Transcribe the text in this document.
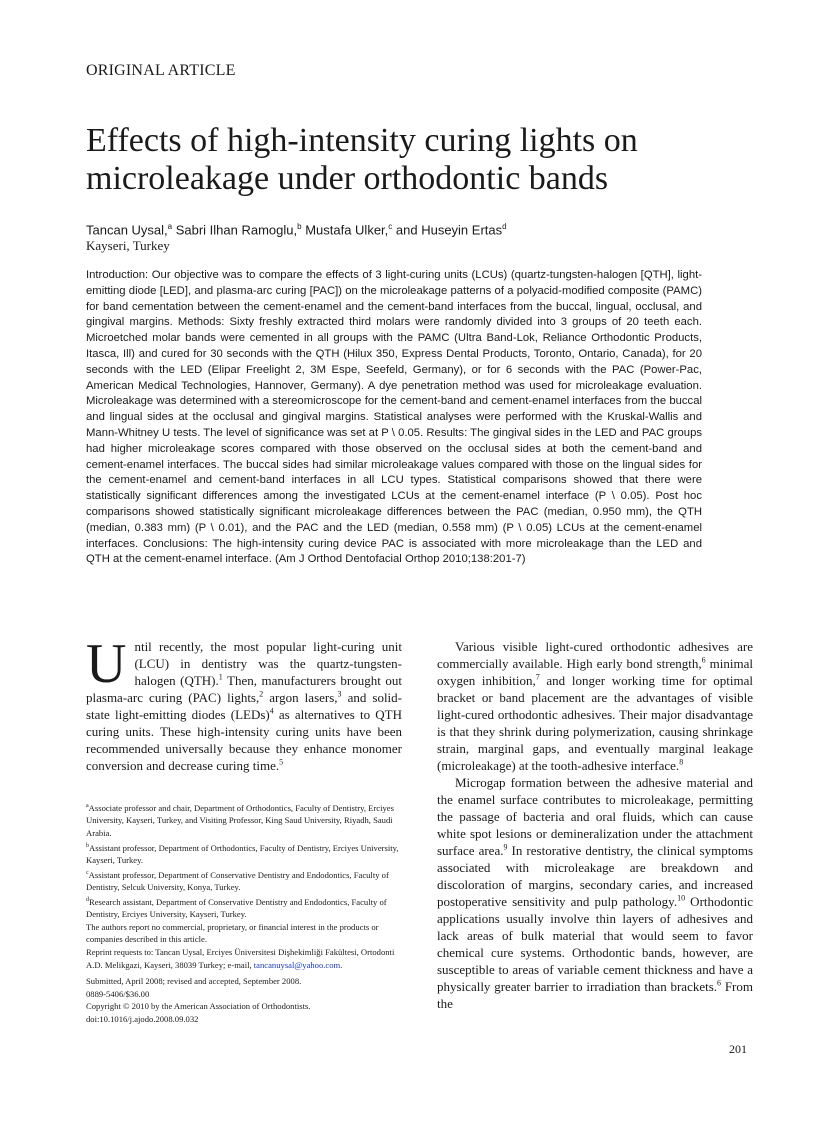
ORIGINAL ARTICLE
Effects of high-intensity curing lights on microleakage under orthodontic bands
Tancan Uysal,$^a$ Sabri Ilhan Ramoglu,$^b$ Mustafa Ulker,$^c$ and Huseyin Ertas$^d$
Kayseri, Turkey
Introduction: Our objective was to compare the effects of 3 light-curing units (LCUs) (quartz-tungsten-halogen [QTH], light-emitting diode [LED], and plasma-arc curing [PAC]) on the microleakage patterns of a polyacid-modified composite (PAMC) for band cementation between the cement-enamel and the cement-band interfaces from the buccal, lingual, occlusal, and gingival margins. Methods: Sixty freshly extracted third molars were randomly divided into 3 groups of 20 teeth each. Microetched molar bands were cemented in all groups with the PAMC (Ultra Band-Lok, Reliance Orthodontic Products, Itasca, Ill) and cured for 30 seconds with the QTH (Hilux 350, Express Dental Products, Toronto, Ontario, Canada), for 20 seconds with the LED (Elipar Freelight 2, 3M Espe, Seefeld, Germany), or for 6 seconds with the PAC (Power-Pac, American Medical Technologies, Hannover, Germany). A dye penetration method was used for microleakage evaluation. Microleakage was determined with a stereomicroscope for the cement-band and cement-enamel interfaces from the buccal and lingual sides at the occlusal and gingival margins. Statistical analyses were performed with the Kruskal-Wallis and Mann-Whitney U tests. The level of significance was set at P \ 0.05. Results: The gingival sides in the LED and PAC groups had higher microleakage scores compared with those observed on the occlusal sides at both the cement-band and cement-enamel interfaces. The buccal sides had similar microleakage values compared with those on the lingual sides for the cement-enamel and cement-band interfaces in all LCU types. Statistical comparisons showed that there were statistically significant differences among the investigated LCUs at the cement-enamel interface (P \ 0.05). Post hoc comparisons showed statistically significant microleakage differences between the PAC (median, 0.950 mm), the QTH (median, 0.383 mm) (P \ 0.01), and the PAC and the LED (median, 0.558 mm) (P \ 0.05) LCUs at the cement-enamel interfaces. Conclusions: The high-intensity curing device PAC is associated with more microleakage than the LED and QTH at the cement-enamel interface. (Am J Orthod Dentofacial Orthop 2010;138:201-7)

Until recently, the most popular light-curing unit (LCU) in dentistry was the quartz-tungsten-halogen (QTH).$^1$ Then, manufacturers brought out plasma-arc curing (PAC) lights,$^2$ argon lasers,$^3$ and solid-state light-emitting diodes (LEDs)$^4$ as alternatives to QTH curing units. These high-intensity curing units have been recommended universally because they enhance monomer conversion and decrease curing time.$^5$

$^a$Associate professor and chair, Department of Orthodontics, Faculty of Dentistry, Erciyes University, Kayseri, Turkey, and Visiting Professor, King Saud University, Riyadh, Saudi Arabia.

$^b$Assistant professor, Department of Orthodontics, Faculty of Dentistry, Erciyes University, Kayseri, Turkey.

$^c$Assistant professor, Department of Conservative Dentistry and Endodontics, Faculty of Dentistry, Selcuk University, Konya, Turkey.

$^d$Research assistant, Department of Conservative Dentistry and Endodontics, Faculty of Dentistry, Erciyes University, Kayseri, Turkey.

The authors report no commercial, proprietary, or financial interest in the products or companies described in this article.

Reprint requests to: Tancan Uysal, Erciyes Üniversitesi Dişhekimliği Fakültesi, Ortodonti A.D. Melikgazi, Kayseri, 38039 Turkey; e-mail, tancanuysal@yahoo.com.

Submitted, April 2008; revised and accepted, September 2008.

0889-5406/$36.00

Copyright © 2010 by the American Association of Orthodontists.

doi:10.1016/j.ajodo.2008.09.032

Various visible light-cured orthodontic adhesives are commercially available. High early bond strength,$^6$ minimal oxygen inhibition,$^7$ and longer working time for optimal bracket or band placement are the advantages of visible light-cured orthodontic adhesives. Their major disadvantage is that they shrink during polymerization, causing shrinkage strain, marginal gaps, and eventually marginal leakage (microleakage) at the tooth-adhesive interface.$^8$

Microgap formation between the adhesive material and the enamel surface contributes to microleakage, permitting the passage of bacteria and oral fluids, which can cause white spot lesions or demineralization under the attachment surface area.$^9$ In restorative dentistry, the clinical symptoms associated with microleakage are breakdown and discoloration of margins, secondary caries, and increased postoperative sensitivity and pulp pathology.$^{10}$ Orthodontic applications usually involve thin layers of adhesives and lack areas of bulk material that would seem to favor chemical cure systems. Orthodontic bands, however, are susceptible to areas of variable cement thickness and have a physically greater barrier to irradiation than brackets.$^6$ From the

201
